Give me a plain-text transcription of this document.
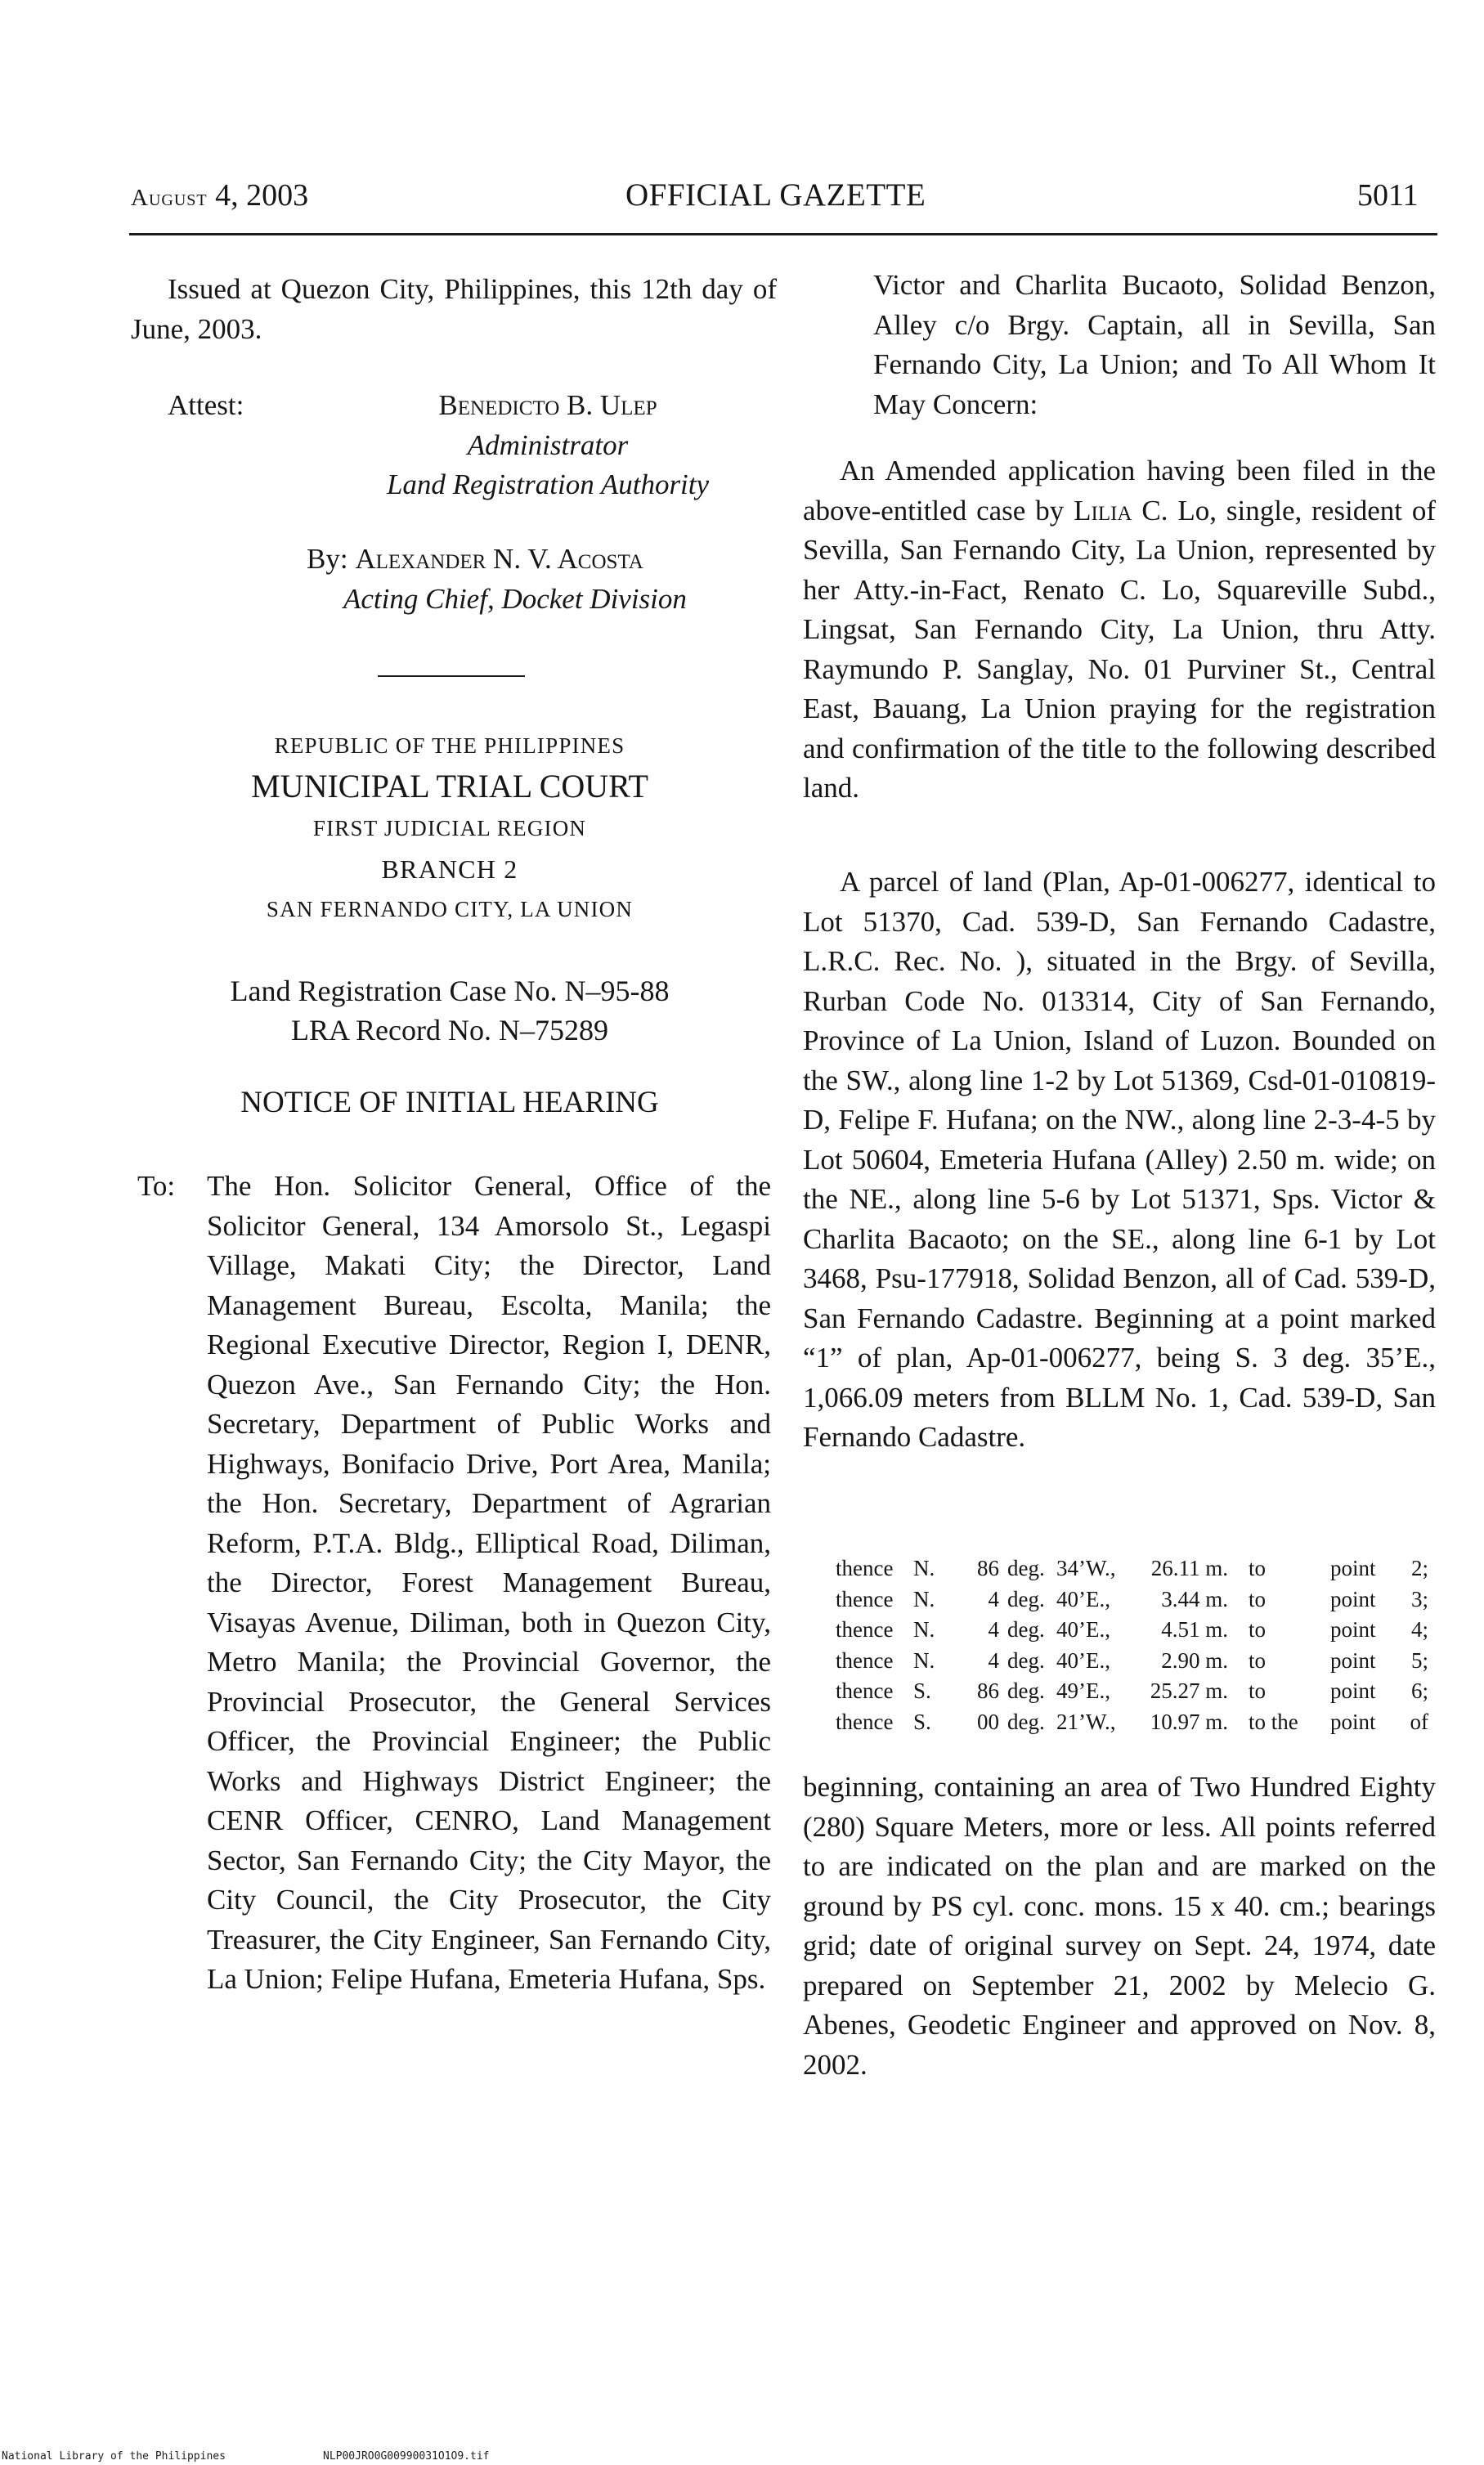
August 4, 2003	OFFICIAL GAZETTE	5011
Issued at Quezon City, Philippines, this 12th day of June, 2003.
Attest:	Benedicto B. Ulep
Administrator
Land Registration Authority
By: Alexander N. V. Acosta
Acting Chief, Docket Division
REPUBLIC OF THE PHILIPPINES
MUNICIPAL TRIAL COURT
FIRST JUDICIAL REGION
BRANCH 2
SAN FERNANDO CITY, LA UNION
Land Registration Case No. N–95-88
LRA Record No. N–75289
NOTICE OF INITIAL HEARING
To: The Hon. Solicitor General, Office of the Solicitor General, 134 Amorsolo St., Legaspi Village, Makati City; the Director, Land Management Bureau, Escolta, Manila; the Regional Executive Director, Region I, DENR, Quezon Ave., San Fernando City; the Hon. Secretary, Department of Public Works and Highways, Bonifacio Drive, Port Area, Manila; the Hon. Secretary, Department of Agrarian Reform, P.T.A. Bldg., Elliptical Road, Diliman, the Director, Forest Management Bureau, Visayas Avenue, Diliman, both in Quezon City, Metro Manila; the Provincial Governor, the Provincial Prosecutor, the General Services Officer, the Provincial Engineer; the Public Works and Highways District Engineer; the CENR Officer, CENRO, Land Management Sector, San Fernando City; the City Mayor, the City Council, the City Prosecutor, the City Treasurer, the City Engineer, San Fernando City, La Union; Felipe Hufana, Emeteria Hufana, Sps.
Victor and Charlita Bucaoto, Solidad Benzon, Alley c/o Brgy. Captain, all in Sevilla, San Fernando City, La Union; and To All Whom It May Concern:
An Amended application having been filed in the above-entitled case by Lilia C. Lo, single, resident of Sevilla, San Fernando City, La Union, represented by her Atty.-in-Fact, Renato C. Lo, Squareville Subd., Lingsat, San Fernando City, La Union, thru Atty. Raymundo P. Sanglay, No. 01 Purviner St., Central East, Bauang, La Union praying for the registration and confirmation of the title to the following described land.
A parcel of land (Plan, Ap-01-006277, identical to Lot 51370, Cad. 539-D, San Fernando Cadastre, L.R.C. Rec. No. ), situated in the Brgy. of Sevilla, Rurban Code No. 013314, City of San Fernando, Province of La Union, Island of Luzon. Bounded on the SW., along line 1-2 by Lot 51369, Csd-01-010819-D, Felipe F. Hufana; on the NW., along line 2-3-4-5 by Lot 50604, Emeteria Hufana (Alley) 2.50 m. wide; on the NE., along line 5-6 by Lot 51371, Sps. Victor & Charlita Bacaoto; on the SE., along line 6-1 by Lot 3468, Psu-177918, Solidad Benzon, all of Cad. 539-D, San Fernando Cadastre. Beginning at a point marked “1” of plan, Ap-01-006277, being S. 3 deg. 35’E., 1,066.09 meters from BLLM No. 1, Cad. 539-D, San Fernando Cadastre.
thence	N.	86	deg.	34’W.,	26.11 m.	to	point	2;
thence	N.	4	deg.	40’E.,	3.44 m.	to	point	3;
thence	N.	4	deg.	40’E.,	4.51 m.	to	point	4;
thence	N.	4	deg.	40’E.,	2.90 m.	to	point	5;
thence	S.	86	deg.	49’E.,	25.27 m.	to	point	6;
thence	S.	00	deg.	21’W.,	10.97 m.	to the	point	of
beginning, containing an area of Two Hundred Eighty (280) Square Meters, more or less. All points referred to are indicated on the plan and are marked on the ground by PS cyl. conc. mons. 15 x 40. cm.; bearings grid; date of original survey on Sept. 24, 1974, date prepared on September 21, 2002 by Melecio G. Abenes, Geodetic Engineer and approved on Nov. 8, 2002.
National Library of the Philippines	NLP00JRO0G00990031O1O9.tif
